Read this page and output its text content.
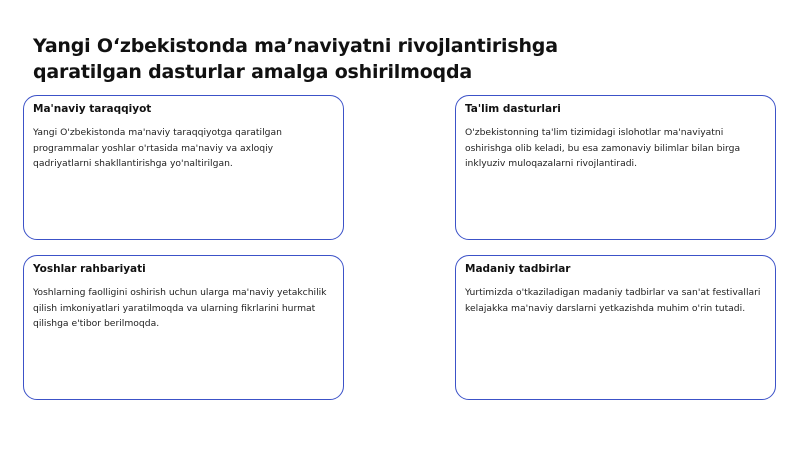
Yangi Oʻzbekistonda maʼnaviyatni rivojlantirishga qaratilgan dasturlar amalga oshirilmoqda
Ma'naviy taraqqiyot

Yangi O'zbekistonda ma'naviy taraqqiyotga qaratilgan programmalar yoshlar o'rtasida ma'naviy va axloqiy qadriyatlarni shakllantirishga yo'naltirilgan.

Ta'lim dasturlari

O'zbekistonning ta'lim tizimidagi islohotlar ma'naviyatni oshirishga olib keladi, bu esa zamonaviy bilimlar bilan birga inklyuziv muloqazalarni rivojlantiradi.

Yoshlar rahbariyati

Yoshlarning faolligini oshirish uchun ularga ma'naviy yetakchilik qilish imkoniyatlari yaratilmoqda va ularning fikrlarini hurmat qilishga e'tibor berilmoqda.

Madaniy tadbirlar

Yurtimizda o'tkaziladigan madaniy tadbirlar va san'at festivallari kelajakka ma'naviy darslarni yetkazishda muhim o'rin tutadi.
